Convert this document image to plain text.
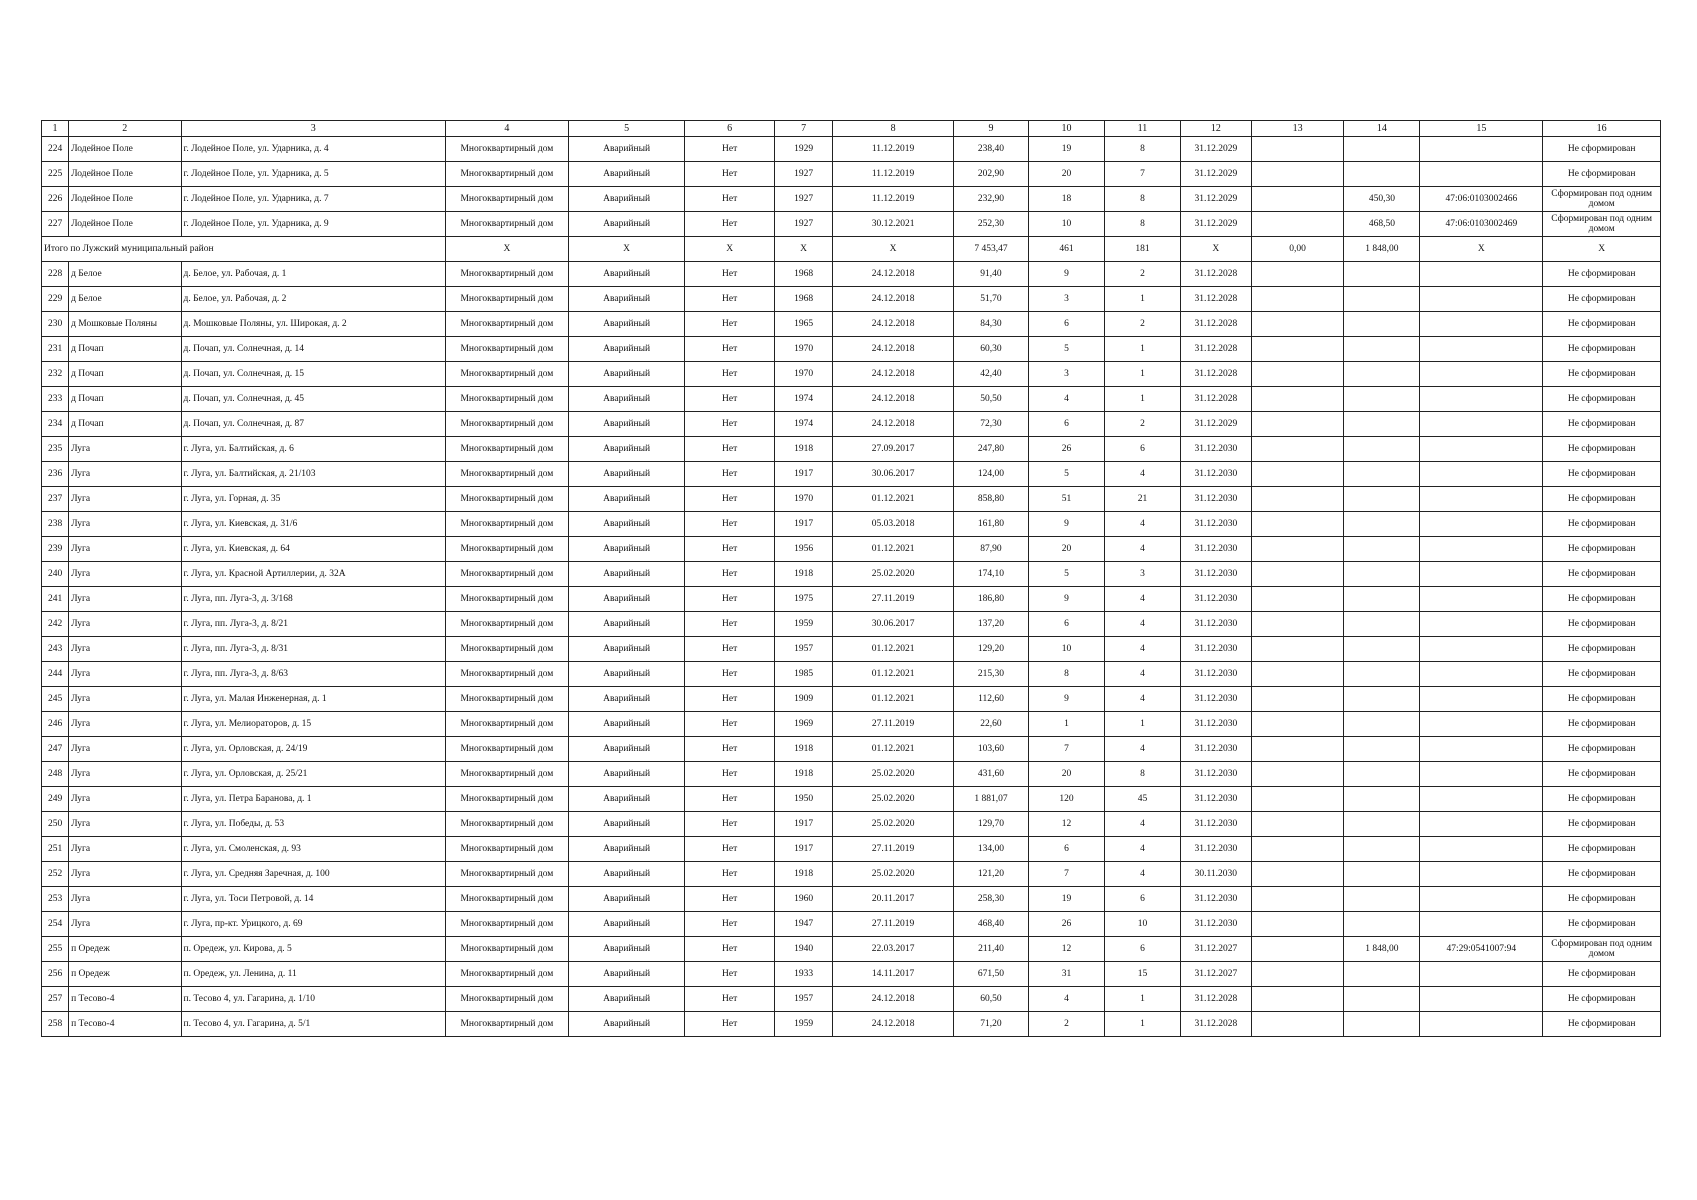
1	2	3	4	5	6	7	8	9	10	11	12	13	14	15	16
224	Лодейное Поле	г. Лодейное Поле, ул. Ударника, д. 4	Многоквартирный дом	Аварийный	Нет	1929	11.12.2019	238,40	19	8	31.12.2029				Не сформирован
225	Лодейное Поле	г. Лодейное Поле, ул. Ударника, д. 5	Многоквартирный дом	Аварийный	Нет	1927	11.12.2019	202,90	20	7	31.12.2029				Не сформирован
226	Лодейное Поле	г. Лодейное Поле, ул. Ударника, д. 7	Многоквартирный дом	Аварийный	Нет	1927	11.12.2019	232,90	18	8	31.12.2029		450,30	47:06:0103002466	Сформирован под одним домом
227	Лодейное Поле	г. Лодейное Поле, ул. Ударника, д. 9	Многоквартирный дом	Аварийный	Нет	1927	30.12.2021	252,30	10	8	31.12.2029		468,50	47:06:0103002469	Сформирован под одним домом
Итого по Лужский муниципальный район			X	X	X	X	X	7 453,47	461	181	X	0,00	1 848,00	X	X
228	д Белое	д. Белое, ул. Рабочая, д. 1	Многоквартирный дом	Аварийный	Нет	1968	24.12.2018	91,40	9	2	31.12.2028				Не сформирован
229	д Белое	д. Белое, ул. Рабочая, д. 2	Многоквартирный дом	Аварийный	Нет	1968	24.12.2018	51,70	3	1	31.12.2028				Не сформирован
230	д Мошковые Поляны	д. Мошковые Поляны, ул. Широкая, д. 2	Многоквартирный дом	Аварийный	Нет	1965	24.12.2018	84,30	6	2	31.12.2028				Не сформирован
231	д Почап	д. Почап, ул. Солнечная, д. 14	Многоквартирный дом	Аварийный	Нет	1970	24.12.2018	60,30	5	1	31.12.2028				Не сформирован
232	д Почап	д. Почап, ул. Солнечная, д. 15	Многоквартирный дом	Аварийный	Нет	1970	24.12.2018	42,40	3	1	31.12.2028				Не сформирован
233	д Почап	д. Почап, ул. Солнечная, д. 45	Многоквартирный дом	Аварийный	Нет	1974	24.12.2018	50,50	4	1	31.12.2028				Не сформирован
234	д Почап	д. Почап, ул. Солнечная, д. 87	Многоквартирный дом	Аварийный	Нет	1974	24.12.2018	72,30	6	2	31.12.2029				Не сформирован
235	Луга	г. Луга, ул. Балтийская, д. 6	Многоквартирный дом	Аварийный	Нет	1918	27.09.2017	247,80	26	6	31.12.2030				Не сформирован
236	Луга	г. Луга, ул. Балтийская, д. 21/103	Многоквартирный дом	Аварийный	Нет	1917	30.06.2017	124,00	5	4	31.12.2030				Не сформирован
237	Луга	г. Луга, ул. Горная, д. 35	Многоквартирный дом	Аварийный	Нет	1970	01.12.2021	858,80	51	21	31.12.2030				Не сформирован
238	Луга	г. Луга, ул. Киевская, д. 31/6	Многоквартирный дом	Аварийный	Нет	1917	05.03.2018	161,80	9	4	31.12.2030				Не сформирован
239	Луга	г. Луга, ул. Киевская, д. 64	Многоквартирный дом	Аварийный	Нет	1956	01.12.2021	87,90	20	4	31.12.2030				Не сформирован
240	Луга	г. Луга, ул. Красной Артиллерии, д. 32А	Многоквартирный дом	Аварийный	Нет	1918	25.02.2020	174,10	5	3	31.12.2030				Не сформирован
241	Луга	г. Луга, пп. Луга-3, д. 3/168	Многоквартирный дом	Аварийный	Нет	1975	27.11.2019	186,80	9	4	31.12.2030				Не сформирован
242	Луга	г. Луга, пп. Луга-3, д. 8/21	Многоквартирный дом	Аварийный	Нет	1959	30.06.2017	137,20	6	4	31.12.2030				Не сформирован
243	Луга	г. Луга, пп. Луга-3, д. 8/31	Многоквартирный дом	Аварийный	Нет	1957	01.12.2021	129,20	10	4	31.12.2030				Не сформирован
244	Луга	г. Луга, пп. Луга-3, д. 8/63	Многоквартирный дом	Аварийный	Нет	1985	01.12.2021	215,30	8	4	31.12.2030				Не сформирован
245	Луга	г. Луга, ул. Малая Инженерная, д. 1	Многоквартирный дом	Аварийный	Нет	1909	01.12.2021	112,60	9	4	31.12.2030				Не сформирован
246	Луга	г. Луга, ул. Мелиораторов, д. 15	Многоквартирный дом	Аварийный	Нет	1969	27.11.2019	22,60	1	1	31.12.2030				Не сформирован
247	Луга	г. Луга, ул. Орловская, д. 24/19	Многоквартирный дом	Аварийный	Нет	1918	01.12.2021	103,60	7	4	31.12.2030				Не сформирован
248	Луга	г. Луга, ул. Орловская, д. 25/21	Многоквартирный дом	Аварийный	Нет	1918	25.02.2020	431,60	20	8	31.12.2030				Не сформирован
249	Луга	г. Луга, ул. Петра Баранова, д. 1	Многоквартирный дом	Аварийный	Нет	1950	25.02.2020	1 881,07	120	45	31.12.2030				Не сформирован
250	Луга	г. Луга, ул. Победы, д. 53	Многоквартирный дом	Аварийный	Нет	1917	25.02.2020	129,70	12	4	31.12.2030				Не сформирован
251	Луга	г. Луга, ул. Смоленская, д. 93	Многоквартирный дом	Аварийный	Нет	1917	27.11.2019	134,00	6	4	31.12.2030				Не сформирован
252	Луга	г. Луга, ул. Средняя Заречная, д. 100	Многоквартирный дом	Аварийный	Нет	1918	25.02.2020	121,20	7	4	30.11.2030				Не сформирован
253	Луга	г. Луга, ул. Тоси Петровой, д. 14	Многоквартирный дом	Аварийный	Нет	1960	20.11.2017	258,30	19	6	31.12.2030				Не сформирован
254	Луга	г. Луга, пр-кт. Урицкого, д. 69	Многоквартирный дом	Аварийный	Нет	1947	27.11.2019	468,40	26	10	31.12.2030				Не сформирован
255	п Оредеж	п. Оредеж, ул. Кирова, д. 5	Многоквартирный дом	Аварийный	Нет	1940	22.03.2017	211,40	12	6	31.12.2027		1 848,00	47:29:0541007:94	Сформирован под одним домом
256	п Оредеж	п. Оредеж, ул. Ленина, д. 11	Многоквартирный дом	Аварийный	Нет	1933	14.11.2017	671,50	31	15	31.12.2027				Не сформирован
257	п Тесово-4	п. Тесово 4, ул. Гагарина, д. 1/10	Многоквартирный дом	Аварийный	Нет	1957	24.12.2018	60,50	4	1	31.12.2028				Не сформирован
258	п Тесово-4	п. Тесово 4, ул. Гагарина, д. 5/1	Многоквартирный дом	Аварийный	Нет	1959	24.12.2018	71,20	2	1	31.12.2028				Не сформирован
